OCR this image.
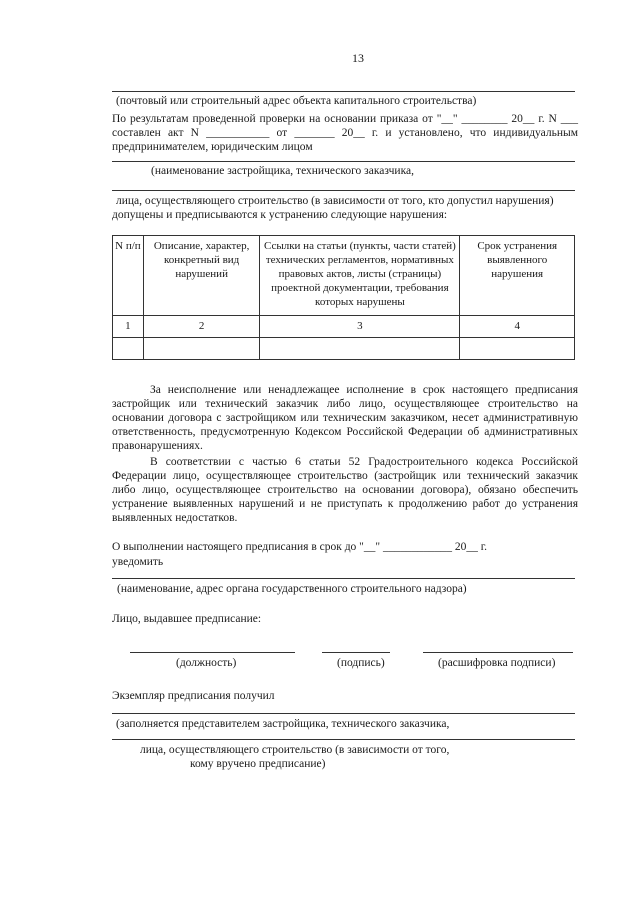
13
(почтовый или строительный адрес объекта капитального строительства)
По результатам проведенной проверки на основании приказа от "__" ________ 20__ г. N ___
составлен акт N ___________ от _______ 20__ г. и установлено, что индивидуальным
предпринимателем, юридическим лицом
(наименование застройщика, технического заказчика,
лица, осуществляющего строительство (в зависимости от того, кто допустил нарушения)
допущены и предписываются к устранению следующие нарушения:
N п/п	Описание, характер, конкретный вид нарушений	Ссылки на статьи (пункты, части статей) технических регламентов, нормативных правовых актов, листы (страницы) проектной документации, требования которых нарушены	Срок устранения выявленного нарушения
1	2	3	4

За неисполнение или ненадлежащее исполнение в срок настоящего предписания
застройщик или технический заказчик либо лицо, осуществляющее строительство на
основании договора с застройщиком или техническим заказчиком, несет административную
ответственность, предусмотренную Кодексом Российской Федерации об административных
правонарушениях.
В соответствии с частью 6 статьи 52 Градостроительного кодекса Российской
Федерации лицо, осуществляющее строительство (застройщик или технический заказчик
либо лицо, осуществляющее строительство на основании договора), обязано обеспечить
устранение выявленных нарушений и не приступать к продолжению работ до устранения
выявленных недостатков.
О выполнении настоящего предписания в срок до "__" ____________ 20__ г.
уведомить
(наименование, адрес органа государственного строительного надзора)
Лицо, выдавшее предписание:
(должность)	(подпись)	(расшифровка подписи)
Экземпляр предписания получил
(заполняется представителем застройщика, технического заказчика,
лица, осуществляющего строительство (в зависимости от того,
кому вручено предписание)
